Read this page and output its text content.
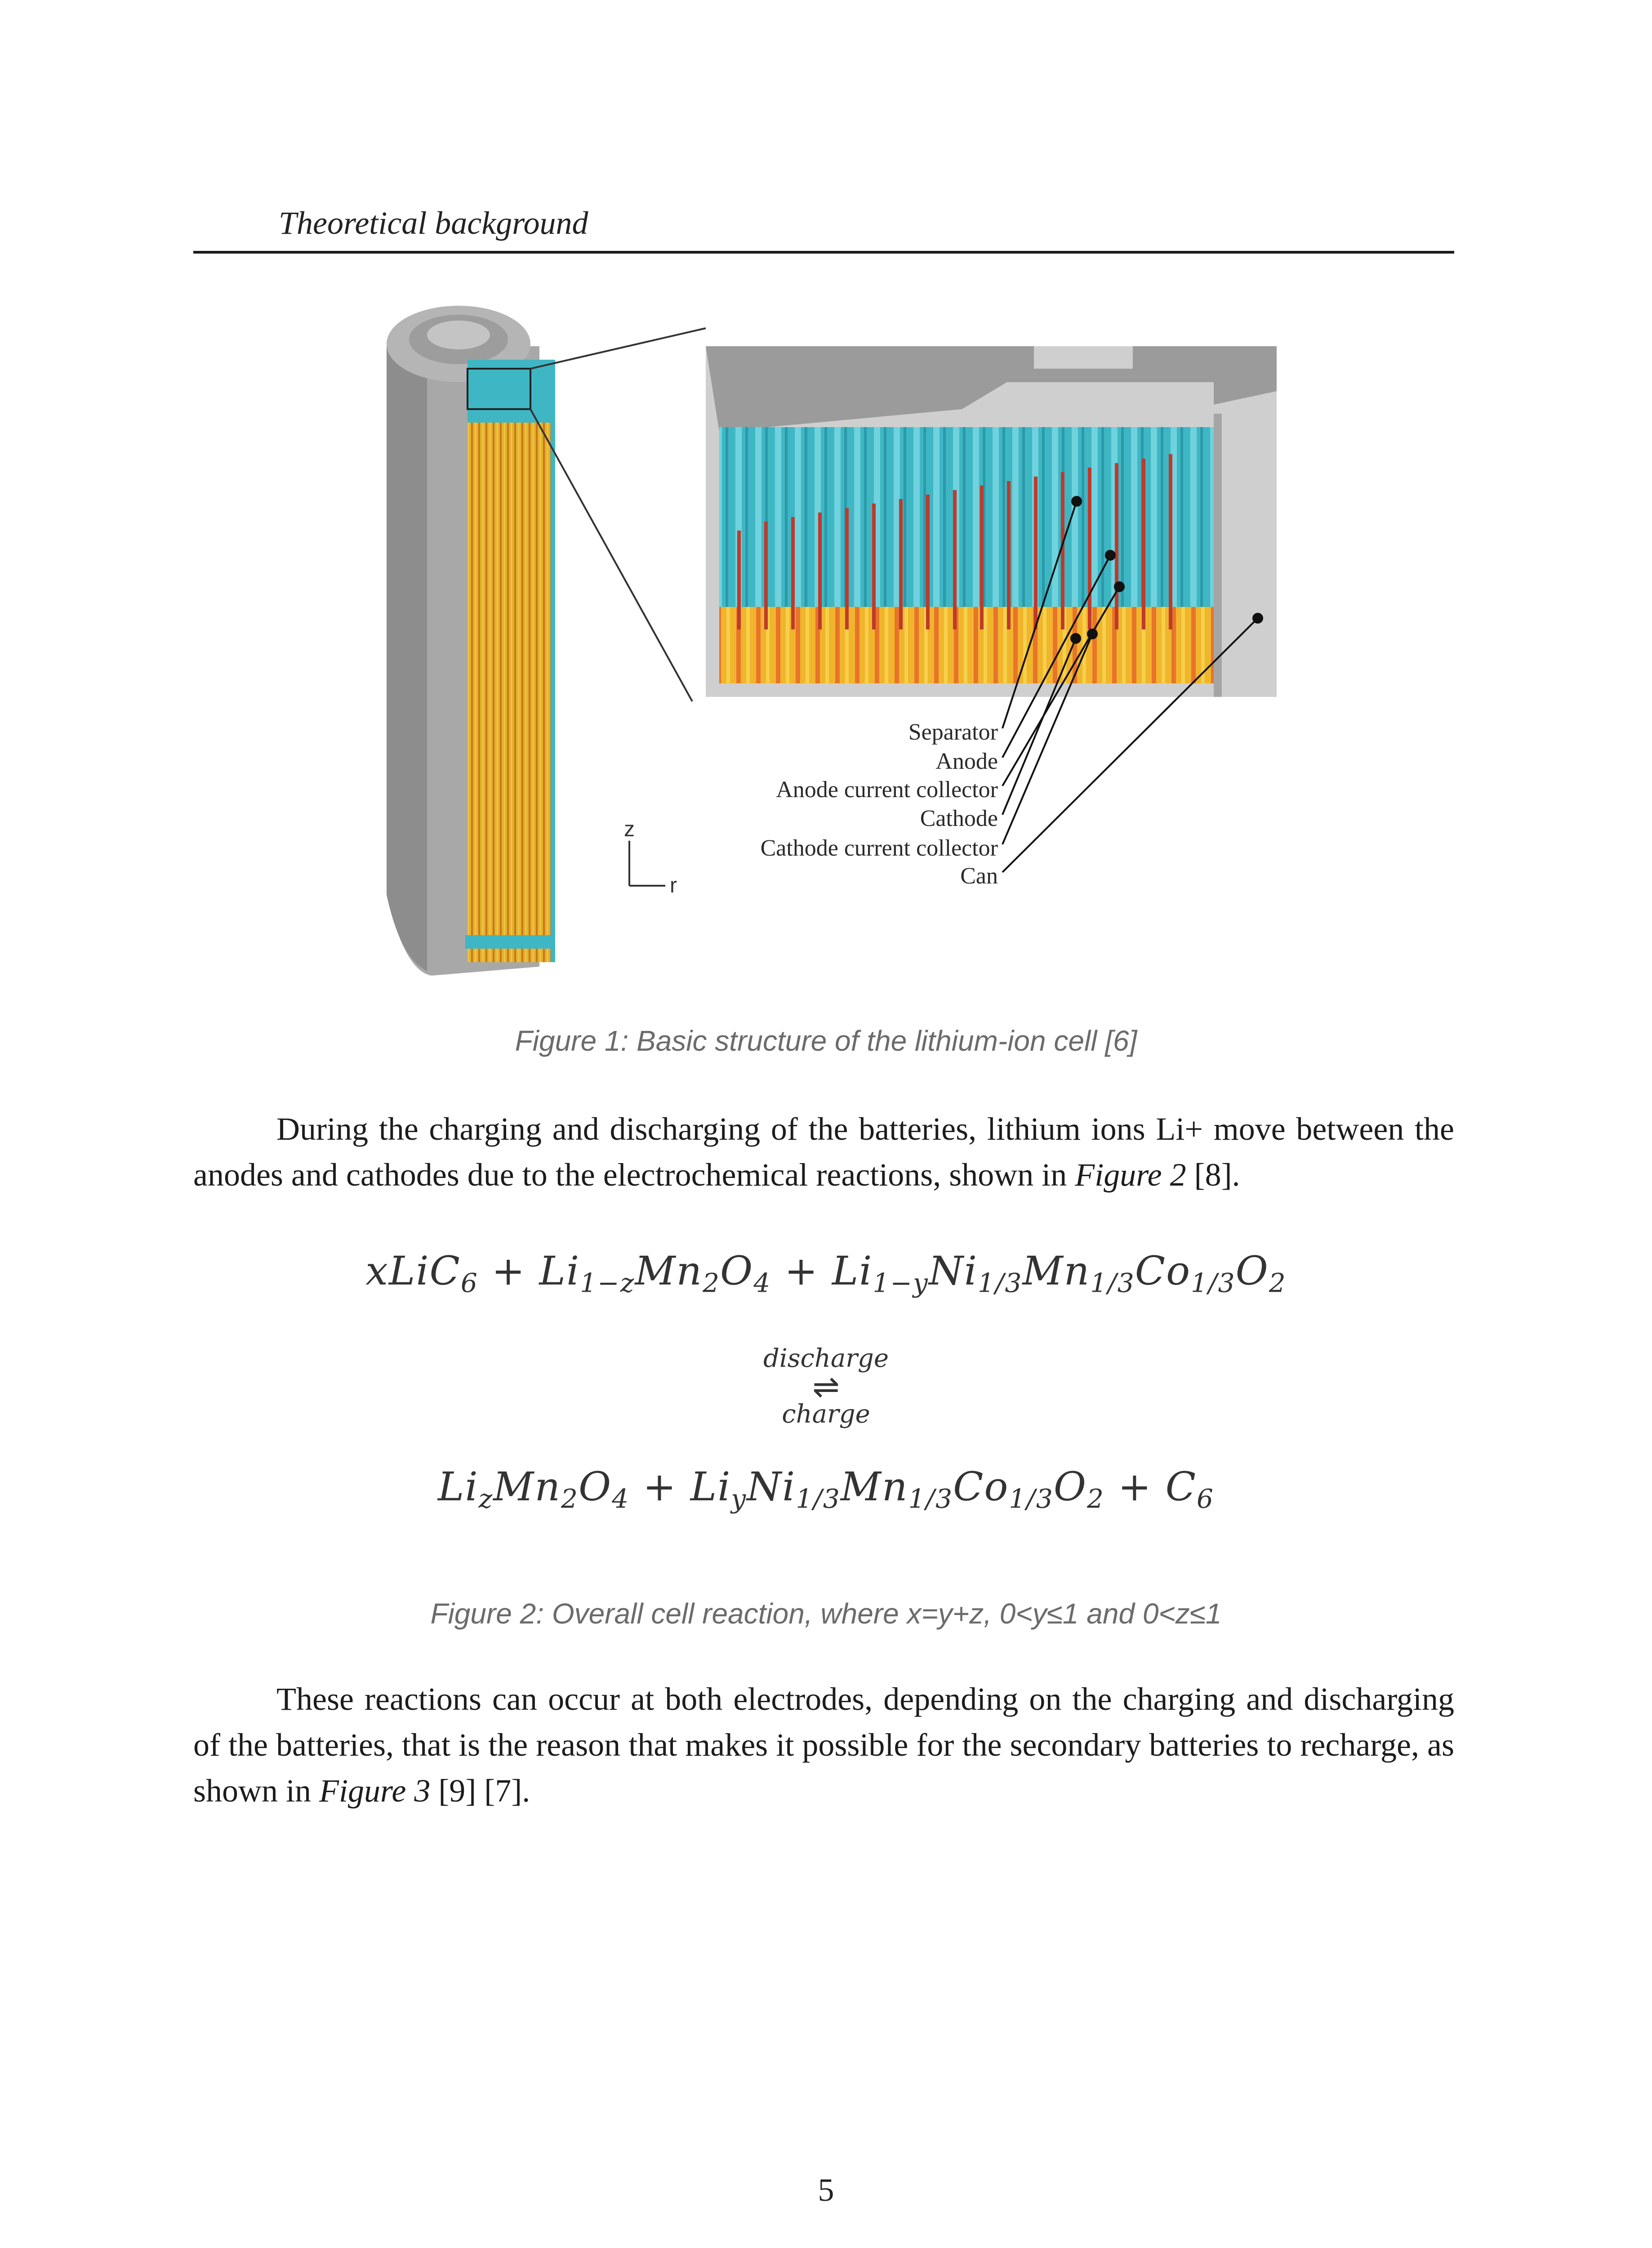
Theoretical background
Separator
Anode
Anode current collector
Cathode
Cathode current collector
Can
z
r
Figure 1: Basic structure of the lithium-ion cell [6]
During the charging and discharging of the batteries, lithium ions Li+ move between the anodes and cathodes due to the electrochemical reactions, shown in Figure 2 [8].
xLiC$_6$ + $Li_{1-z}Mn_2O_4 + Li_{1-y}Ni_{1/3}Mn_{1/3}Co_{1/3}O_2$
discharge
⇌
charge
$Li_zMn_2O_4 + Li_yNi_{1/3}Mn_{1/3}Co_{1/3}O_2 + C_6$
Figure 2: Overall cell reaction, where x=y+z, 0<y≤1 and 0<z≤1
These reactions can occur at both electrodes, depending on the charging and discharging of the batteries, that is the reason that makes it possible for the secondary batteries to recharge, as shown in Figure 3 [9] [7].
5
